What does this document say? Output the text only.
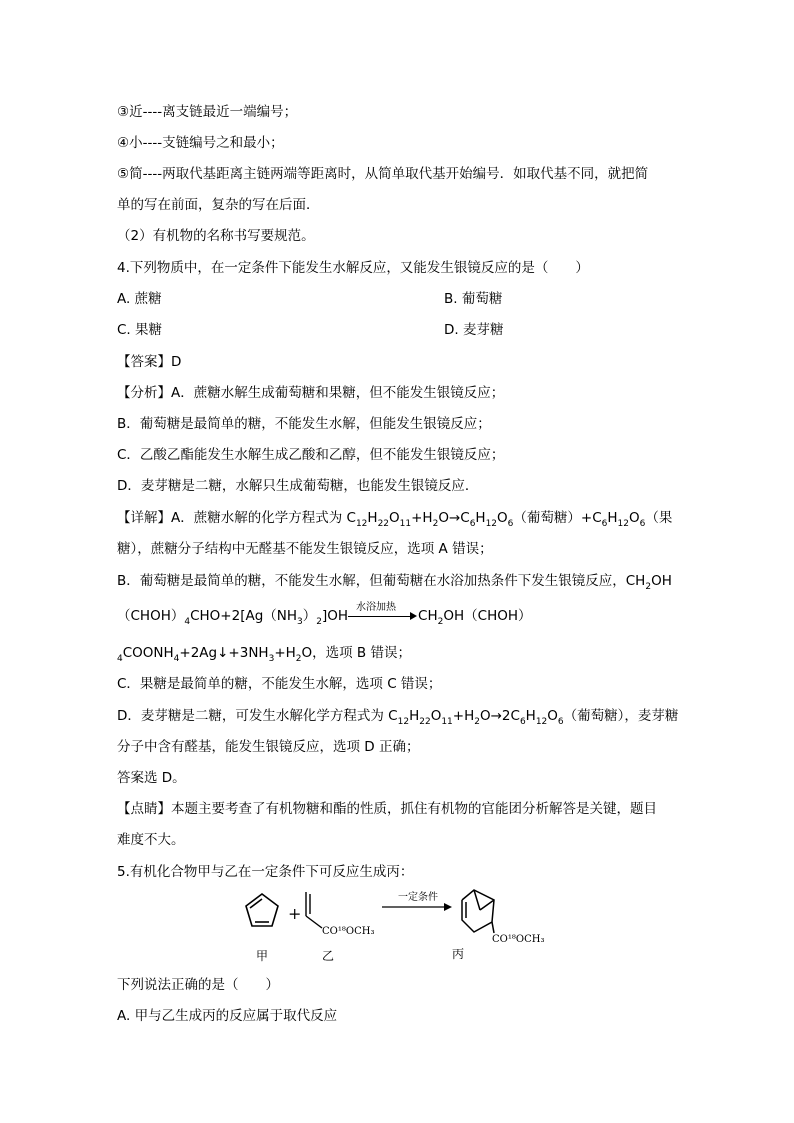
③近----离支链最近一端编号；
④小----支链编号之和最小；
⑤简----两取代基距离主链两端等距离时，从简单取代基开始编号．如取代基不同，就把简
单的写在前面，复杂的写在后面．
（2）有机物的名称书写要规范。
4.下列物质中，在一定条件下能发生水解反应，又能发生银镜反应的是（　　）
A. 蔗糖	B. 葡萄糖
C. 果糖	D. 麦芽糖
【答案】D
【分析】A．蔗糖水解生成葡萄糖和果糖，但不能发生银镜反应；
B．葡萄糖是最简单的糖，不能发生水解，但能发生银镜反应；
C．乙酸乙酯能发生水解生成乙酸和乙醇，但不能发生银镜反应；
D．麦芽糖是二糖，水解只生成葡萄糖，也能发生银镜反应．
【详解】A．蔗糖水解的化学方程式为 $C_{12}H_{22}O_{11}+H_2O\to C_6H_{12}O_6$（葡萄糖）$+C_6H_{12}O_6$（果
糖），蔗糖分子结构中无醛基不能发生银镜反应，选项 A 错误；
B．葡萄糖是最简单的糖，不能发生水解，但葡萄糖在水浴加热条件下发生银镜反应，$CH_2OH$
$(CHOH)_4CHO+2[Ag(NH_3)_2]OH$
水浴加热
$CH_2OH(CHOH)$
$_4COONH_4+2Ag↓+3NH_3+H_2O$，选项 B 错误；
C．果糖是最简单的糖，不能发生水解，选项 C 错误；
D．麦芽糖是二糖，可发生水解化学方程式为 $C_{12}H_{22}O_{11}+H_2O\to 2C_6H_{12}O_6$（葡萄糖），麦芽糖
分子中含有醛基，能发生银镜反应，选项 D 正确；
答案选 D。
【点睛】本题主要考查了有机物糖和酯的性质，抓住有机物的官能团分析解答是关键，题目
难度不大。
5.有机化合物甲与乙在一定条件下可反应生成丙：
+
CO¹⁸OCH₃
一定条件
CO¹⁸OCH₃
甲	乙	丙
下列说法正确的是（　　）
A. 甲与乙生成丙的反应属于取代反应
